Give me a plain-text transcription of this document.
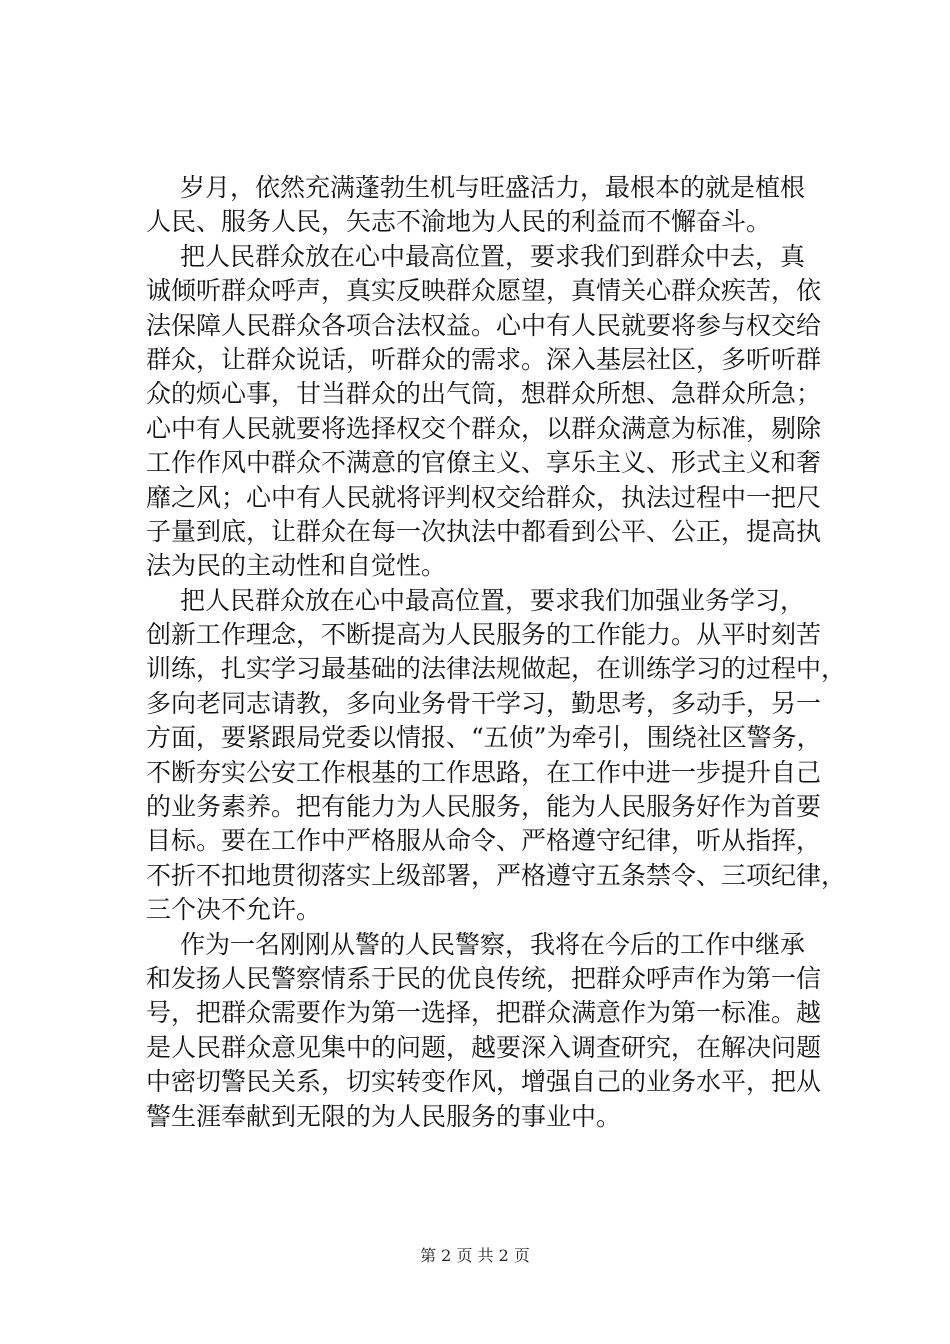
岁月，依然充满蓬勃生机与旺盛活力，最根本的就是植根
人民、服务人民，矢志不渝地为人民的利益而不懈奋斗。
把人民群众放在心中最高位置，要求我们到群众中去，真
诚倾听群众呼声，真实反映群众愿望，真情关心群众疾苦，依
法保障人民群众各项合法权益。心中有人民就要将参与权交给
群众，让群众说话，听群众的需求。深入基层社区，多听听群
众的烦心事，甘当群众的出气筒，想群众所想、急群众所急；
心中有人民就要将选择权交个群众，以群众满意为标准，剔除
工作作风中群众不满意的官僚主义、享乐主义、形式主义和奢
靡之风；心中有人民就将评判权交给群众，执法过程中一把尺
子量到底，让群众在每一次执法中都看到公平、公正，提高执
法为民的主动性和自觉性。
把人民群众放在心中最高位置，要求我们加强业务学习，
创新工作理念，不断提高为人民服务的工作能力。从平时刻苦
训练，扎实学习最基础的法律法规做起，在训练学习的过程中，
多向老同志请教，多向业务骨干学习，勤思考，多动手，另一
方面，要紧跟局党委以情报、“五侦”为牵引，围绕社区警务，
不断夯实公安工作根基的工作思路，在工作中进一步提升自己
的业务素养。把有能力为人民服务，能为人民服务好作为首要
目标。要在工作中严格服从命令、严格遵守纪律，听从指挥，
不折不扣地贯彻落实上级部署，严格遵守五条禁令、三项纪律，
三个决不允许。
作为一名刚刚从警的人民警察，我将在今后的工作中继承
和发扬人民警察情系于民的优良传统，把群众呼声作为第一信
号，把群众需要作为第一选择，把群众满意作为第一标准。越
是人民群众意见集中的问题，越要深入调查研究，在解决问题
中密切警民关系，切实转变作风，增强自己的业务水平，把从
警生涯奉献到无限的为人民服务的事业中。
第 2 页 共 2 页
